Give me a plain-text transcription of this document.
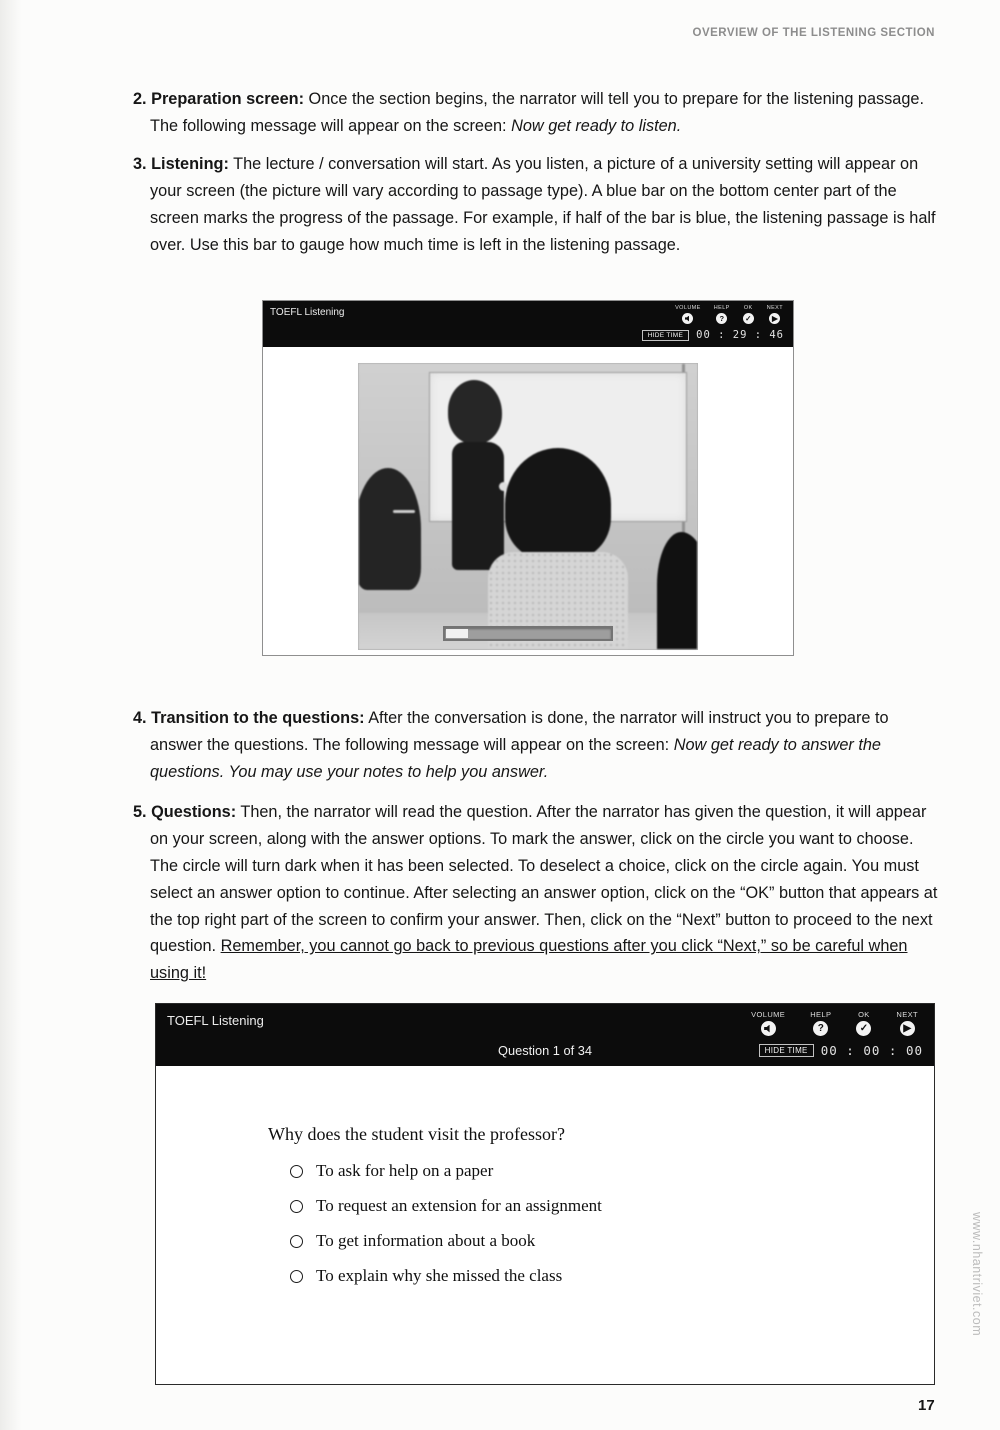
OVERVIEW OF THE LISTENING SECTION
2. Preparation screen: Once the section begins, the narrator will tell you to prepare for the listening passage. The following message will appear on the screen: Now get ready to listen.
3. Listening: The lecture / conversation will start. As you listen, a picture of a university setting will appear on your screen (the picture will vary according to passage type). A blue bar on the bottom center part of the screen marks the progress of the passage. For example, if half of the bar is blue, the listening passage is half over. Use this bar to gauge how much time is left in the listening passage.
TOEFL Listening	VOLUME HELP
?
OK
✓
NEXT
▶
HIDE TIME	00 : 29 : 46
4. Transition to the questions: After the conversation is done, the narrator will instruct you to prepare to answer the questions. The following message will appear on the screen: Now get ready to answer the questions. You may use your notes to help you answer.
5. Questions: Then, the narrator will read the question. After the narrator has given the question, it will appear on your screen, along with the answer options. To mark the answer, click on the circle you want to choose. The circle will turn dark when it has been selected. To deselect a choice, click on the circle again. You must select an answer option to continue. After selecting an answer option, click on the “OK” button that appears at the top right part of the screen to confirm your answer. Then, click on the “Next” button to proceed to the next question. Remember, you cannot go back to previous questions after you click “Next,” so be careful when using it!
TOEFL Listening	VOLUME	HELP
?
OK
✓
NEXT
▶
Question 1 of 34	HIDE TIME	00 : 00 : 00
Why does the student visit the professor?
To ask for help on a paper
To request an extension for an assignment
To get information about a book
To explain why she missed the class	www.nhantriviet.com
17
